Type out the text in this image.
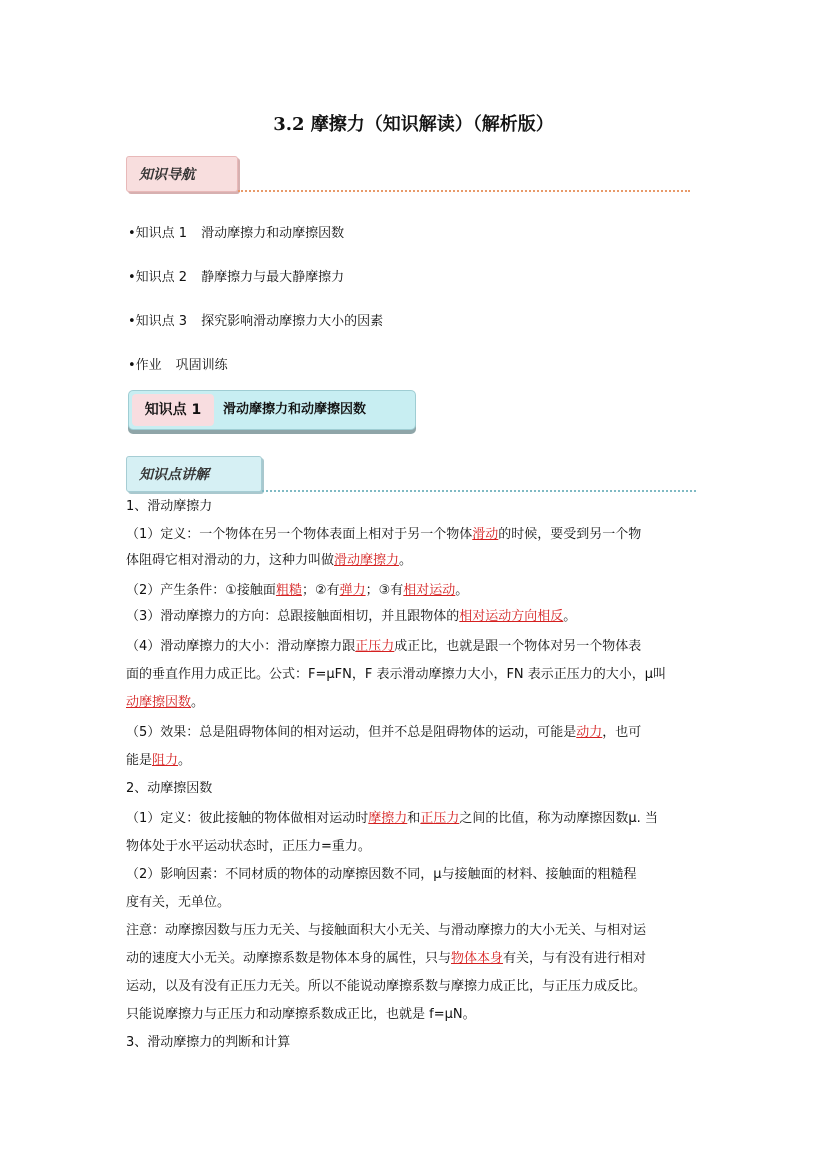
3.2 摩擦力（知识解读）（解析版）
知识导航
•知识点 1 滑动摩擦力和动摩擦因数
•知识点 2 静摩擦力与最大静摩擦力
•知识点 3 探究影响滑动摩擦力大小的因素
•作业 巩固训练
知识点 1	滑动摩擦力和动摩擦因数
知识点讲解
1、滑动摩擦力
（1）定义：一个物体在另一个物体表面上相对于另一个物体滑动的时候，要受到另一个物
体阻碍它相对滑动的力，这种力叫做滑动摩擦力。
（2）产生条件：①接触面粗糙；②有弹力；③有相对运动。
（3）滑动摩擦力的方向：总跟接触面相切，并且跟物体的相对运动方向相反。
（4）滑动摩擦力的大小：滑动摩擦力跟正压力成正比，也就是跟一个物体对另一个物体表
面的垂直作用力成正比。公式：F=μFN，F 表示滑动摩擦力大小，FN 表示正压力的大小，μ叫
动摩擦因数。
（5）效果：总是阻碍物体间的相对运动，但并不总是阻碍物体的运动，可能是动力，也可
能是阻力。
2、动摩擦因数
（1）定义：彼此接触的物体做相对运动时摩擦力和正压力之间的比值，称为动摩擦因数μ. 当
物体处于水平运动状态时，正压力=重力。
（2）影响因素：不同材质的物体的动摩擦因数不同，μ与接触面的材料、接触面的粗糙程
度有关，无单位。
注意：动摩擦因数与压力无关、与接触面积大小无关、与滑动摩擦力的大小无关、与相对运
动的速度大小无关。动摩擦系数是物体本身的属性，只与物体本身有关，与有没有进行相对
运动，以及有没有正压力无关。所以不能说动摩擦系数与摩擦力成正比，与正压力成反比。
只能说摩擦力与正压力和动摩擦系数成正比，也就是 f=μN。
3、滑动摩擦力的判断和计算
